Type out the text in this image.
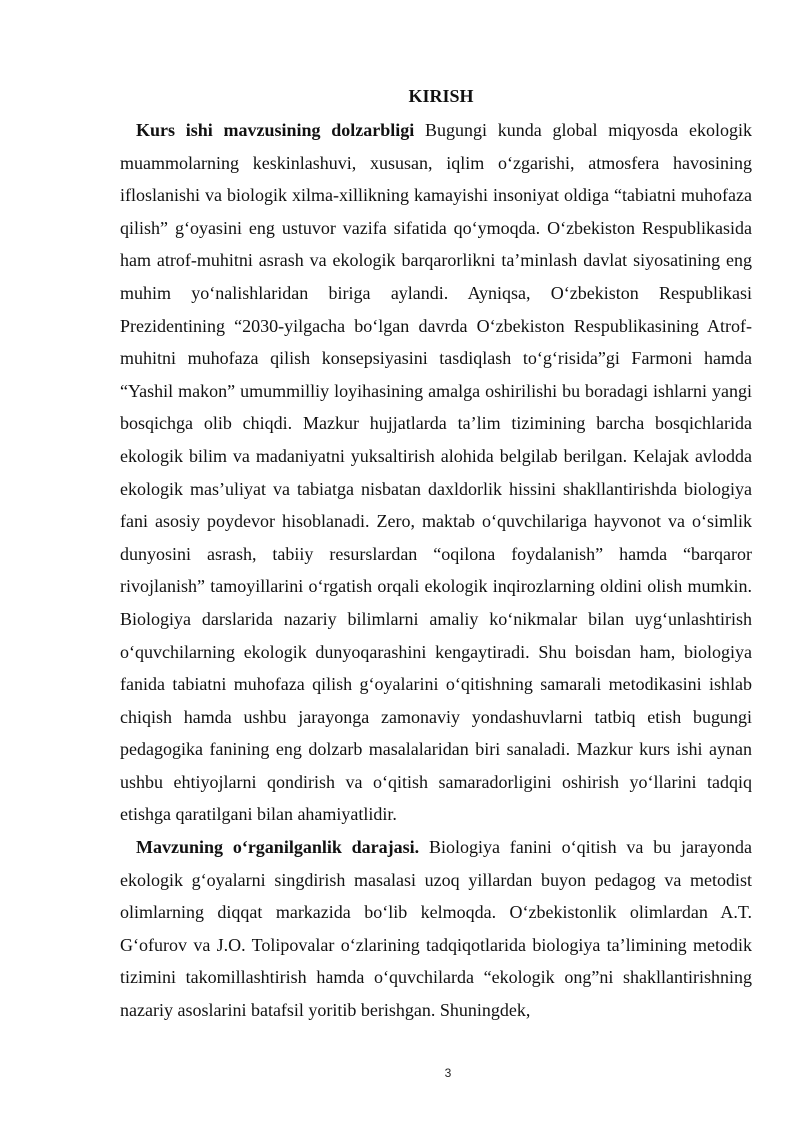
KIRISH

Kurs ishi mavzusining dolzarbligi Bugungi kunda global miqyosda ekologik muammolarning keskinlashuvi, xususan, iqlim o‘zgarishi, atmosfera havosining ifloslanishi va biologik xilma-xillikning kamayishi insoniyat oldiga “tabiatni muhofaza qilish” g‘oyasini eng ustuvor vazifa sifatida qo‘ymoqda. O‘zbekiston Respublikasida ham atrof-muhitni asrash va ekologik barqarorlikni ta’minlash davlat siyosatining eng muhim yo‘nalishlaridan biriga aylandi. Ayniqsa, O‘zbekiston Respublikasi Prezidentining “2030-yilgacha bo‘lgan davrda O‘zbekiston Respublikasining Atrof-muhitni muhofaza qilish konsepsiyasini tasdiqlash to‘g‘risida”gi Farmoni hamda “Yashil makon” umummilliy loyihasining amalga oshirilishi bu boradagi ishlarni yangi bosqichga olib chiqdi. Mazkur hujjatlarda ta’lim tizimining barcha bosqichlarida ekologik bilim va madaniyatni yuksaltirish alohida belgilab berilgan. Kelajak avlodda ekologik mas’uliyat va tabiatga nisbatan daxldorlik hissini shakllantirishda biologiya fani asosiy poydevor hisoblanadi. Zero, maktab o‘quvchilariga hayvonot va o‘simlik dunyosini asrash, tabiiy resurslardan “oqilona foydalanish” hamda “barqaror rivojlanish” tamoyillarini o‘rgatish orqali ekologik inqirozlarning oldini olish mumkin. Biologiya darslarida nazariy bilimlarni amaliy ko‘nikmalar bilan uyg‘unlashtirish o‘quvchilarning ekologik dunyoqarashini kengaytiradi. Shu boisdan ham, biologiya fanida tabiatni muhofaza qilish g‘oyalarini o‘qitishning samarali metodikasini ishlab chiqish hamda ushbu jarayonga zamonaviy yondashuvlarni tatbiq etish bugungi pedagogika fanining eng dolzarb masalalaridan biri sanaladi. Mazkur kurs ishi aynan ushbu ehtiyojlarni qondirish va o‘qitish samaradorligini oshirish yo‘llarini tadqiq etishga qaratilgani bilan ahamiyatlidir.

Mavzuning o‘rganilganlik darajasi. Biologiya fanini o‘qitish va bu jarayonda ekologik g‘oyalarni singdirish masalasi uzoq yillardan buyon pedagog va metodist olimlarning diqqat markazida bo‘lib kelmoqda. O‘zbekistonlik olimlardan A.T. G‘ofurov va J.O. Tolipovalar o‘zlarining tadqiqotlarida biologiya ta’limining metodik tizimini takomillashtirish hamda o‘quvchilarda “ekologik ong”ni shakllantirishning nazariy asoslarini batafsil yoritib berishgan. Shuningdek,

3
